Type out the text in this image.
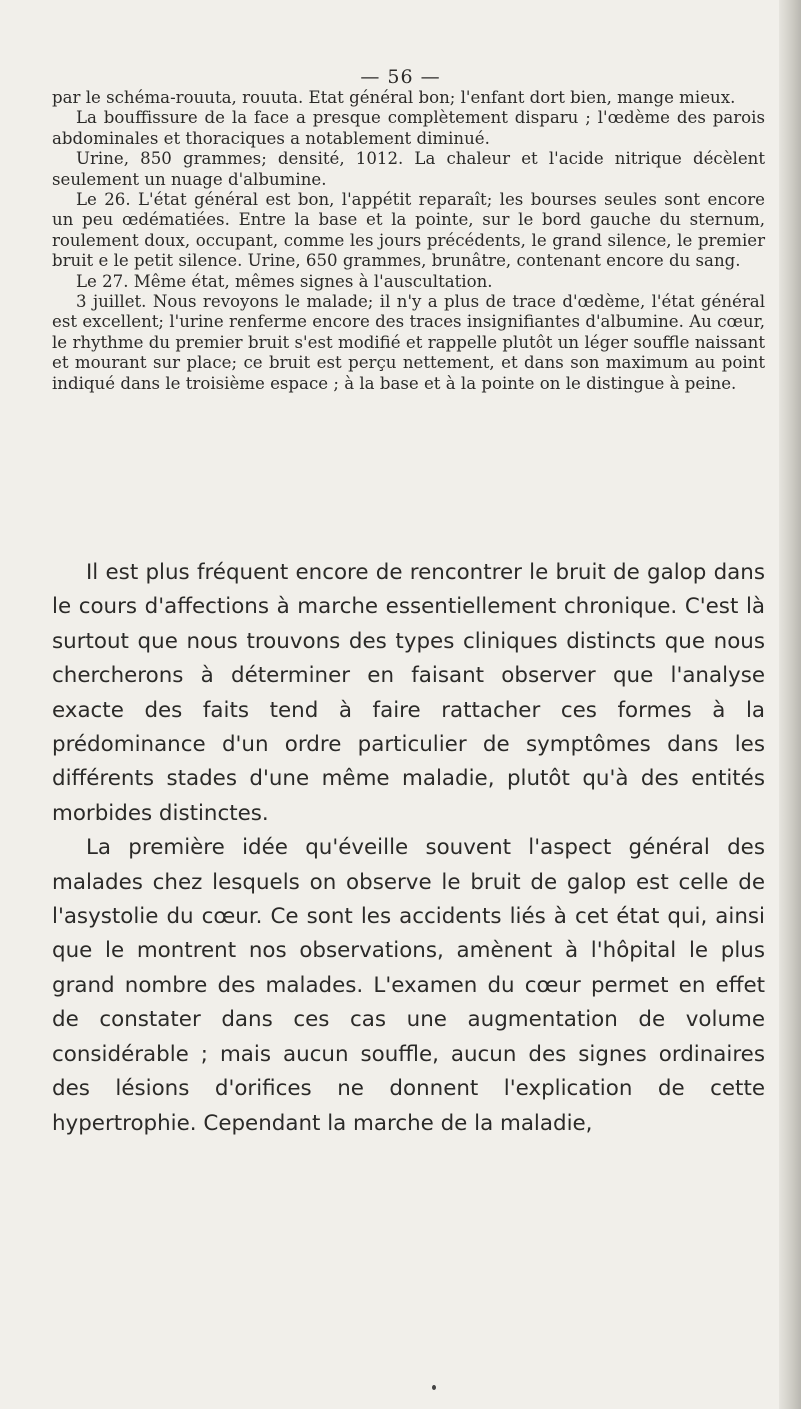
— 56 —

par le schéma-rouuta, rouuta. Etat général bon; l'enfant dort bien, mange mieux.

La bouffissure de la face a presque complètement disparu ; l'œdème des parois abdominales et thoraciques a notablement diminué.

Urine, 850 grammes; densité, 1012. La chaleur et l'acide nitrique décèlent seulement un nuage d'albumine.

Le 26. L'état général est bon, l'appétit reparaît; les bourses seules sont encore un peu œdématiées. Entre la base et la pointe, sur le bord gauche du sternum, roulement doux, occupant, comme les jours précédents, le grand silence, le premier bruit e le petit silence. Urine, 650 grammes, brunâtre, contenant encore du sang.

Le 27. Même état, mêmes signes à l'auscultation.

3 juillet. Nous revoyons le malade; il n'y a plus de trace d'œdème, l'état général est excellent; l'urine renferme encore des traces insignifiantes d'albumine. Au cœur, le rhythme du premier bruit s'est modifié et rappelle plutôt un léger souffle naissant et mourant sur place; ce bruit est perçu nettement, et dans son maximum au point indiqué dans le troisième espace ; à la base et à la pointe on le distingue à peine.

Il est plus fréquent encore de rencontrer le bruit de galop dans le cours d'affections à marche essentiellement chronique. C'est là surtout que nous trouvons des types cliniques distincts que nous chercherons à déterminer en faisant observer que l'analyse exacte des faits tend à faire rattacher ces formes à la prédominance d'un ordre particulier de symptômes dans les différents stades d'une même maladie, plutôt qu'à des entités morbides distinctes.

La première idée qu'éveille souvent l'aspect général des malades chez lesquels on observe le bruit de galop est celle de l'asystolie du cœur. Ce sont les accidents liés à cet état qui, ainsi que le montrent nos observations, amènent à l'hôpital le plus grand nombre des malades. L'examen du cœur permet en effet de constater dans ces cas une augmentation de volume considérable ; mais aucun souffle, aucun des signes ordinaires des lésions d'orifices ne donnent l'explication de cette hypertrophie. Cependant la marche de la maladie,
